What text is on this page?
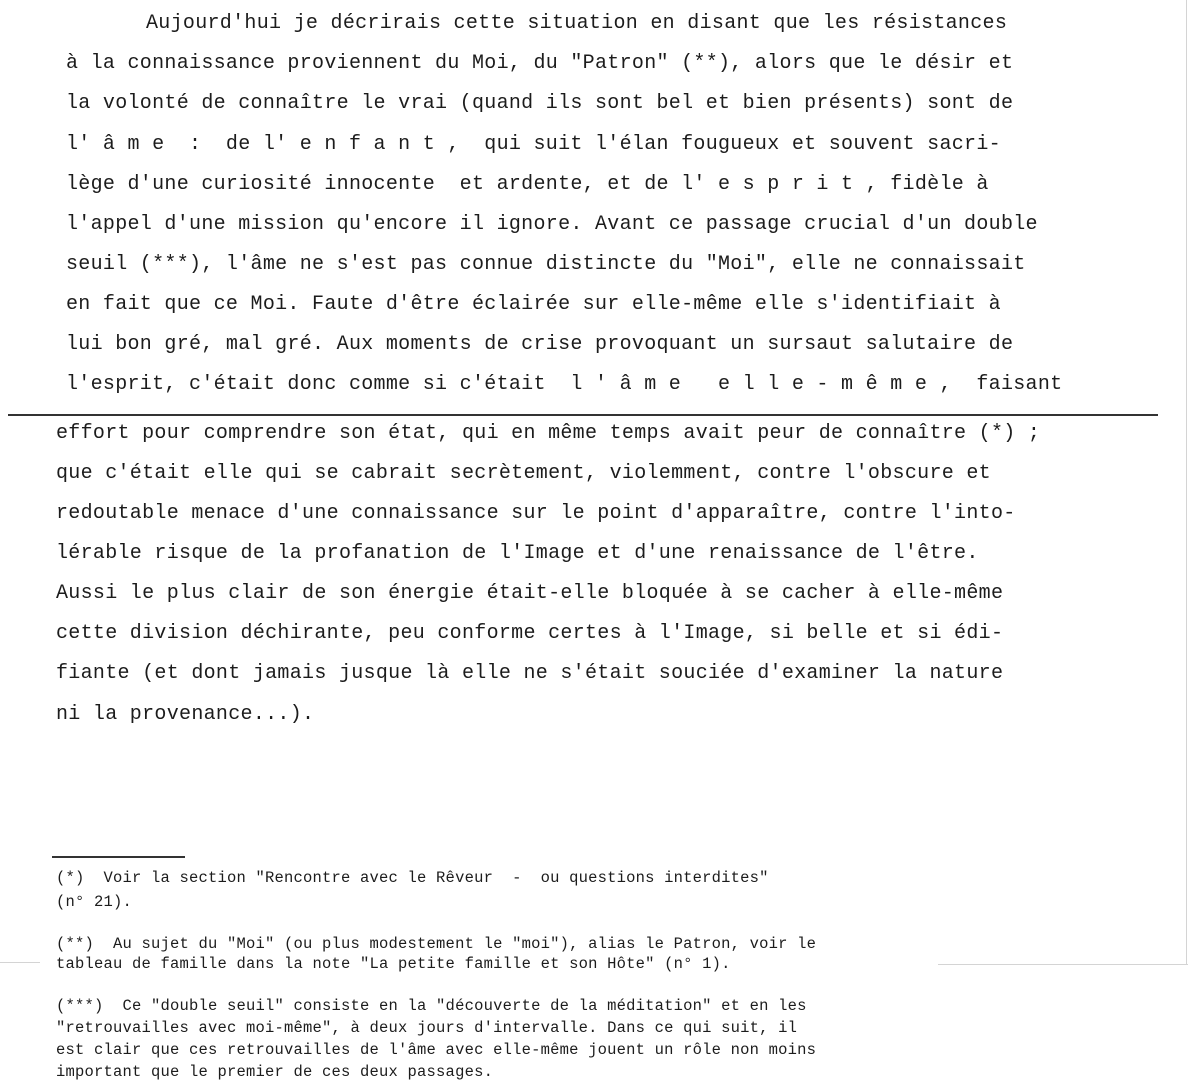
Aujourd'hui je décrirais cette situation en disant que les résistances
à la connaissance proviennent du Moi, du "Patron" (**), alors que le désir et
la volonté de connaître le vrai (quand ils sont bel et bien présents) sont de
l' â m e  :  de l' e n f a n t ,  qui suit l'élan fougueux et souvent sacri-
lège d'une curiosité innocente  et ardente, et de l' e s p r i t , fidèle à
l'appel d'une mission qu'encore il ignore. Avant ce passage crucial d'un double
seuil (***), l'âme ne s'est pas connue distincte du "Moi", elle ne connaissait
en fait que ce Moi. Faute d'être éclairée sur elle-même elle s'identifiait à
lui bon gré, mal gré. Aux moments de crise provoquant un sursaut salutaire de
l'esprit, c'était donc comme si c'était  l ' â m e   e l l e - m ê m e ,  faisant
effort pour comprendre son état, qui en même temps avait peur de connaître (*) ;
que c'était elle qui se cabrait secrètement, violemment, contre l'obscure et
redoutable menace d'une connaissance sur le point d'apparaître, contre l'into-
lérable risque de la profanation de l'Image et d'une renaissance de l'être.
Aussi le plus clair de son énergie était-elle bloquée à se cacher à elle-même
cette division déchirante, peu conforme certes à l'Image, si belle et si édi-
fiante (et dont jamais jusque là elle ne s'était souciée d'examiner la nature
ni la provenance...).
(*)  Voir la section "Rencontre avec le Rêveur  -  ou questions interdites"
(n° 21).
(**)  Au sujet du "Moi" (ou plus modestement le "moi"), alias le Patron, voir le
tableau de famille dans la note "La petite famille et son Hôte" (n° 1).
(***)  Ce "double seuil" consiste en la "découverte de la méditation" et en les
"retrouvailles avec moi-même", à deux jours d'intervalle. Dans ce qui suit, il
est clair que ces retrouvailles de l'âme avec elle-même jouent un rôle non moins
important que le premier de ces deux passages.
